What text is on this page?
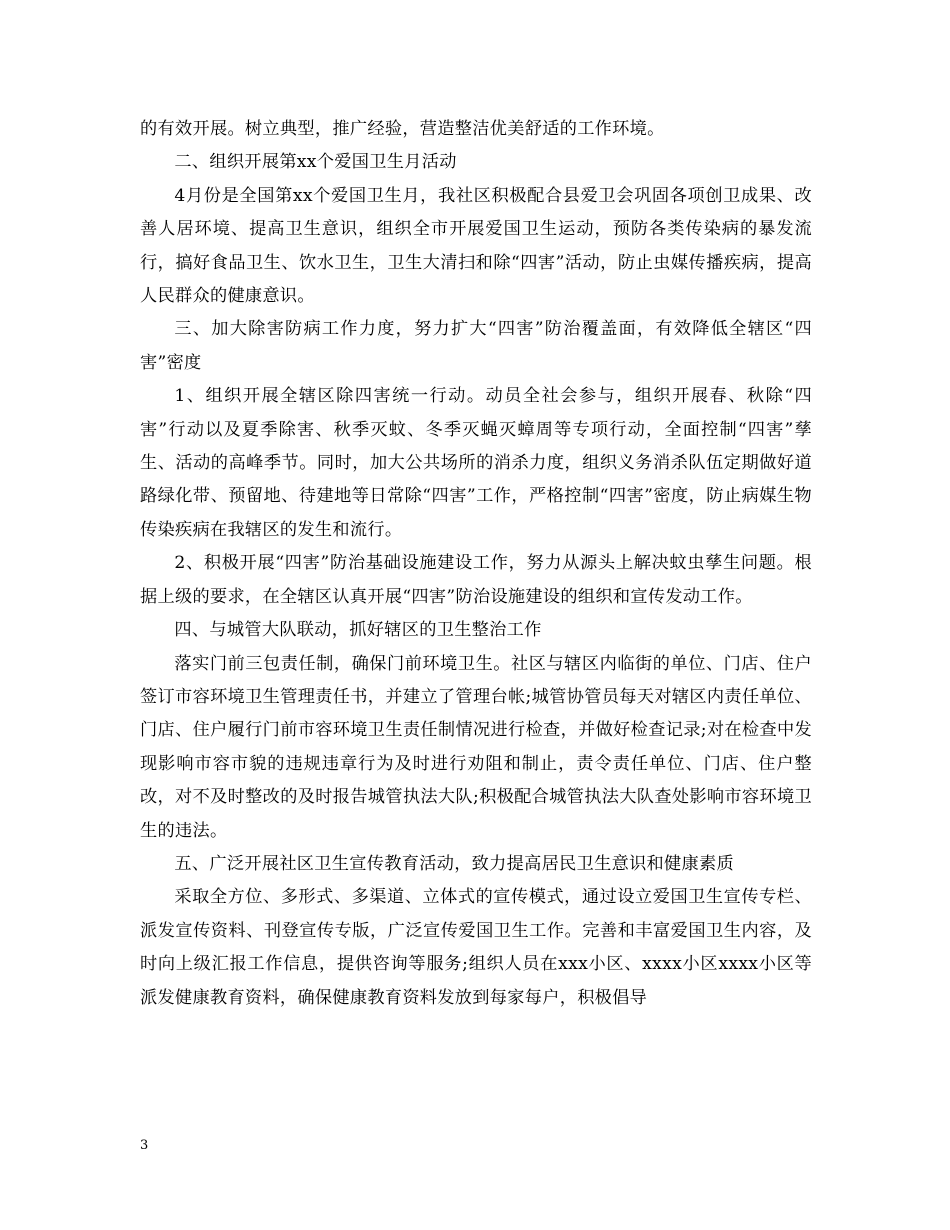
的有效开展。树立典型，推广经验，营造整洁优美舒适的工作环境。

二、组织开展第xx个爱国卫生月活动

4月份是全国第xx个爱国卫生月，我社区积极配合县爱卫会巩固各项创卫成果、改善人居环境、提高卫生意识，组织全市开展爱国卫生运动，预防各类传染病的暴发流行，搞好食品卫生、饮水卫生，卫生大清扫和除“四害”活动，防止虫媒传播疾病，提高人民群众的健康意识。

三、加大除害防病工作力度，努力扩大“四害”防治覆盖面，有效降低全辖区“四害”密度

1、组织开展全辖区除四害统一行动。动员全社会参与，组织开展春、秋除“四害”行动以及夏季除害、秋季灭蚊、冬季灭蝇灭蟑周等专项行动，全面控制“四害”孳生、活动的高峰季节。同时，加大公共场所的消杀力度，组织义务消杀队伍定期做好道路绿化带、预留地、待建地等日常除“四害”工作，严格控制“四害”密度，防止病媒生物传染疾病在我辖区的发生和流行。

2、积极开展“四害”防治基础设施建设工作，努力从源头上解决蚊虫孳生问题。根据上级的要求，在全辖区认真开展“四害”防治设施建设的组织和宣传发动工作。

四、与城管大队联动，抓好辖区的卫生整治工作

落实门前三包责任制，确保门前环境卫生。社区与辖区内临街的单位、门店、住户签订市容环境卫生管理责任书，并建立了管理台帐;城管协管员每天对辖区内责任单位、门店、住户履行门前市容环境卫生责任制情况进行检查，并做好检查记录;对在检查中发现影响市容市貌的违规违章行为及时进行劝阻和制止，责令责任单位、门店、住户整改，对不及时整改的及时报告城管执法大队;积极配合城管执法大队查处影响市容环境卫生的违法。

五、广泛开展社区卫生宣传教育活动，致力提高居民卫生意识和健康素质

采取全方位、多形式、多渠道、立体式的宣传模式，通过设立爱国卫生宣传专栏、派发宣传资料、刊登宣传专版，广泛宣传爱国卫生工作。完善和丰富爱国卫生内容，及时向上级汇报工作信息，提供咨询等服务;组织人员在xxx小区、xxxx小区xxxx小区等派发健康教育资料，确保健康教育资料发放到每家每户，积极倡导

3
